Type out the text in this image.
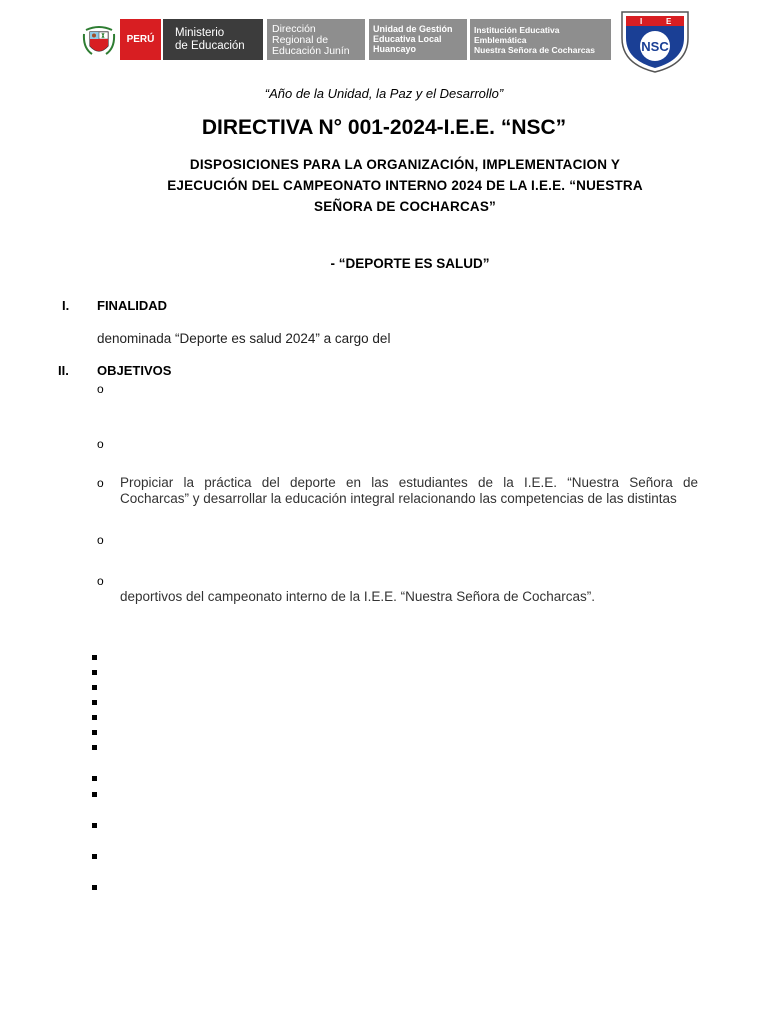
PERÚ
Ministerio
de Educación
Dirección
Regional de
Educación Junín
Unidad de Gestión
Educativa Local
Huancayo
Institución Educativa
Emblemática
Nuestra Señora de Cocharcas
I	E
NSC
“Año de la Unidad, la Paz y el Desarrollo”
DIRECTIVA N° 001-2024-I.E.E. “NSC”
DISPOSICIONES PARA LA ORGANIZACIÓN, IMPLEMENTACION Y
EJECUCIÓN DEL CAMPEONATO INTERNO 2024 DE LA I.E.E. “NUESTRA
SEÑORA DE COCHARCAS”
- “DEPORTE ES SALUD”
I. FINALIDAD
denominada “Deporte es salud 2024” a cargo del
II. OBJETIVOS
o
o
o Propiciar la práctica del deporte en las estudiantes de la I.E.E. “Nuestra Señora de
Cocharcas” y desarrollar la educación integral relacionando las competencias de las distintas
o
o
deportivos del campeonato interno de la I.E.E. “Nuestra Señora de Cocharcas”.
